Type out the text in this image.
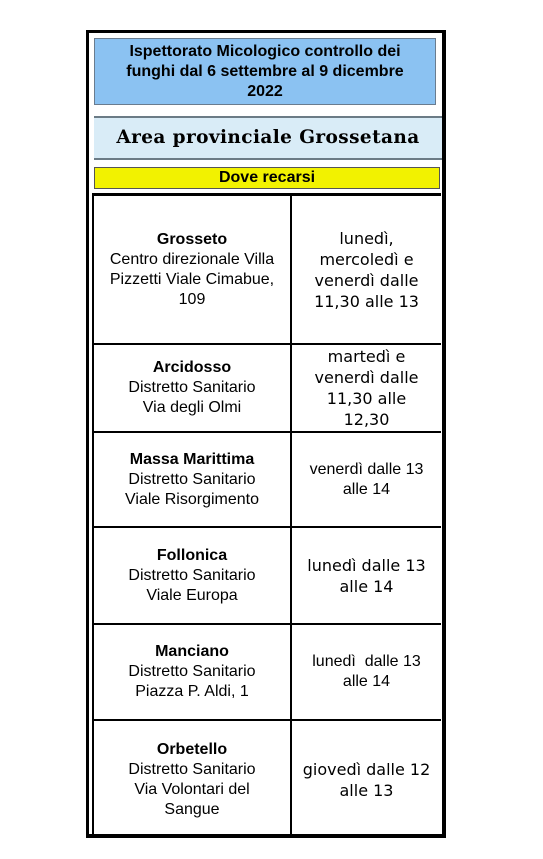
Ispettorato Micologico controllo dei
funghi dal 6 settembre al 9 dicembre
2022
Area provinciale Grossetana
Dove recarsi
Grosseto
Centro direzionale Villa
Pizzetti Viale Cimabue,
109
lunedì,
mercoledì e
venerdì dalle
11,30 alle 13
Arcidosso
Distretto Sanitario
Via degli Olmi
martedì e
venerdì dalle
11,30 alle
12,30
Massa Marittima
Distretto Sanitario
Viale Risorgimento
venerdì dalle 13
alle 14
Follonica
Distretto Sanitario
Viale Europa
lunedì dalle 13
alle 14
Manciano
Distretto Sanitario
Piazza P. Aldi, 1
lunedì  dalle 13
alle 14
Orbetello
Distretto Sanitario
Via Volontari del
Sangue
giovedì dalle 12
alle 13
